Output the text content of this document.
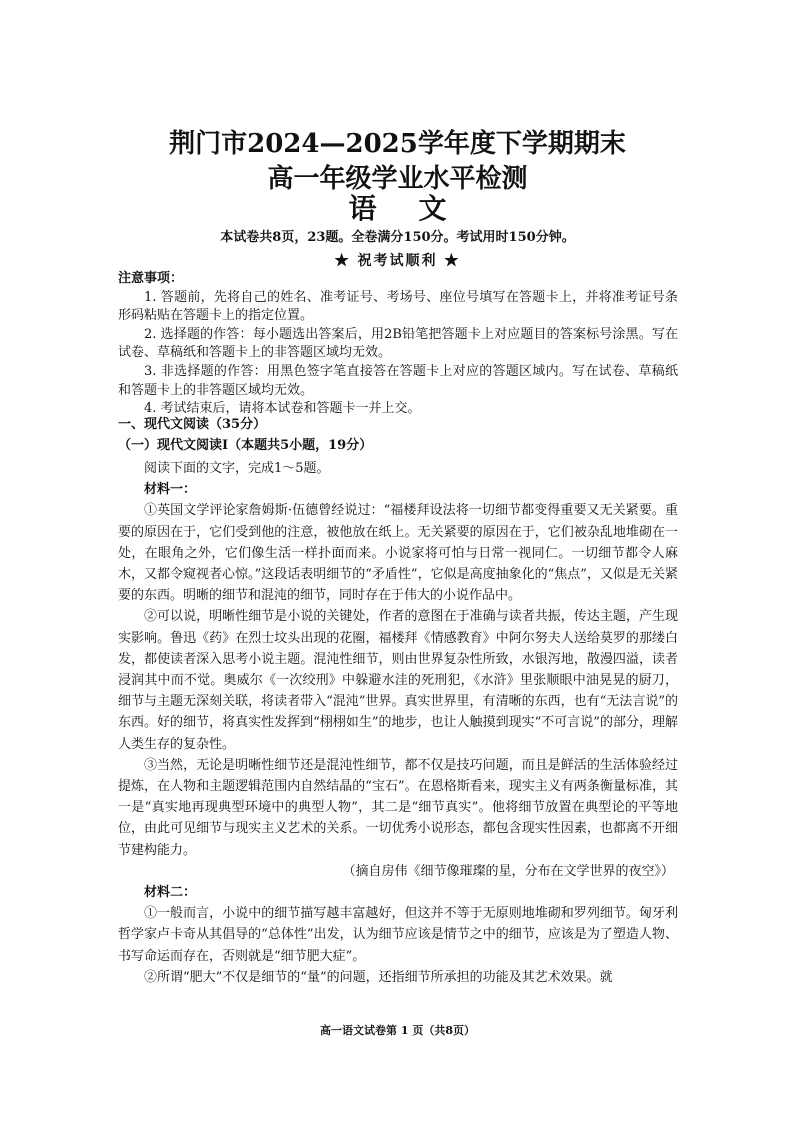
荆门市2024—2025学年度下学期期末
高一年级学业水平检测
语文
本试卷共8页，23题。全卷满分150分。考试用时150分钟。
★ 祝考试顺利 ★

注意事项：

1. 答题前，先将自己的姓名、准考证号、考场号、座位号填写在答题卡上，并将准考证号条形码粘贴在答题卡上的指定位置。

2. 选择题的作答：每小题选出答案后，用2B铅笔把答题卡上对应题目的答案标号涂黑。写在试卷、草稿纸和答题卡上的非答题区域均无效。

3. 非选择题的作答：用黑色签字笔直接答在答题卡上对应的答题区域内。写在试卷、草稿纸和答题卡上的非答题区域均无效。

4. 考试结束后，请将本试卷和答题卡一并上交。

一、现代文阅读（35分）
（一）现代文阅读Ⅰ（本题共5小题，19分）

阅读下面的文字，完成1～5题。

材料一：

①英国文学评论家詹姆斯·伍德曾经说过：“福楼拜设法将一切细节都变得重要又无关紧要。重要的原因在于，它们受到他的注意，被他放在纸上。无关紧要的原因在于，它们被杂乱地堆砌在一处，在眼角之外，它们像生活一样扑面而来。小说家将可怕与日常一视同仁。一切细节都令人麻木，又都令窥视者心惊。”这段话表明细节的“矛盾性”，它似是高度抽象化的“焦点”，又似是无关紧要的东西。明晰的细节和混沌的细节，同时存在于伟大的小说作品中。

②可以说，明晰性细节是小说的关键处，作者的意图在于准确与读者共振，传达主题，产生现实影响。鲁迅《药》在烈士坟头出现的花圈，福楼拜《情感教育》中阿尔努夫人送给莫罗的那缕白发，都使读者深入思考小说主题。混沌性细节，则由世界复杂性所致，水银泻地，散漫四溢，读者浸润其中而不觉。奥威尔《一次绞刑》中躲避水洼的死刑犯，《水浒》里张顺眼中油晃晃的厨刀，细节与主题无深刻关联，将读者带入“混沌”世界。真实世界里，有清晰的东西，也有“无法言说”的东西。好的细节，将真实性发挥到“栩栩如生”的地步，也让人触摸到现实“不可言说”的部分，理解人类生存的复杂性。

③当然，无论是明晰性细节还是混沌性细节，都不仅是技巧问题，而且是鲜活的生活体验经过提炼，在人物和主题逻辑范围内自然结晶的“宝石”。在恩格斯看来，现实主义有两条衡量标准，其一是“真实地再现典型环境中的典型人物”，其二是“细节真实”。他将细节放置在典型论的平等地位，由此可见细节与现实主义艺术的关系。一切优秀小说形态，都包含现实性因素，也都离不开细节建构能力。

（摘自房伟《细节像璀璨的星，分布在文学世界的夜空》）

材料二：

①一般而言，小说中的细节描写越丰富越好，但这并不等于无原则地堆砌和罗列细节。匈牙利哲学家卢卡奇从其倡导的“总体性”出发，认为细节应该是情节之中的细节，应该是为了塑造人物、书写命运而存在，否则就是“细节肥大症”。

②所谓“肥大”不仅是细节的“量”的问题，还指细节所承担的功能及其艺术效果。就

高一语文试卷第 1 页（共8页）
